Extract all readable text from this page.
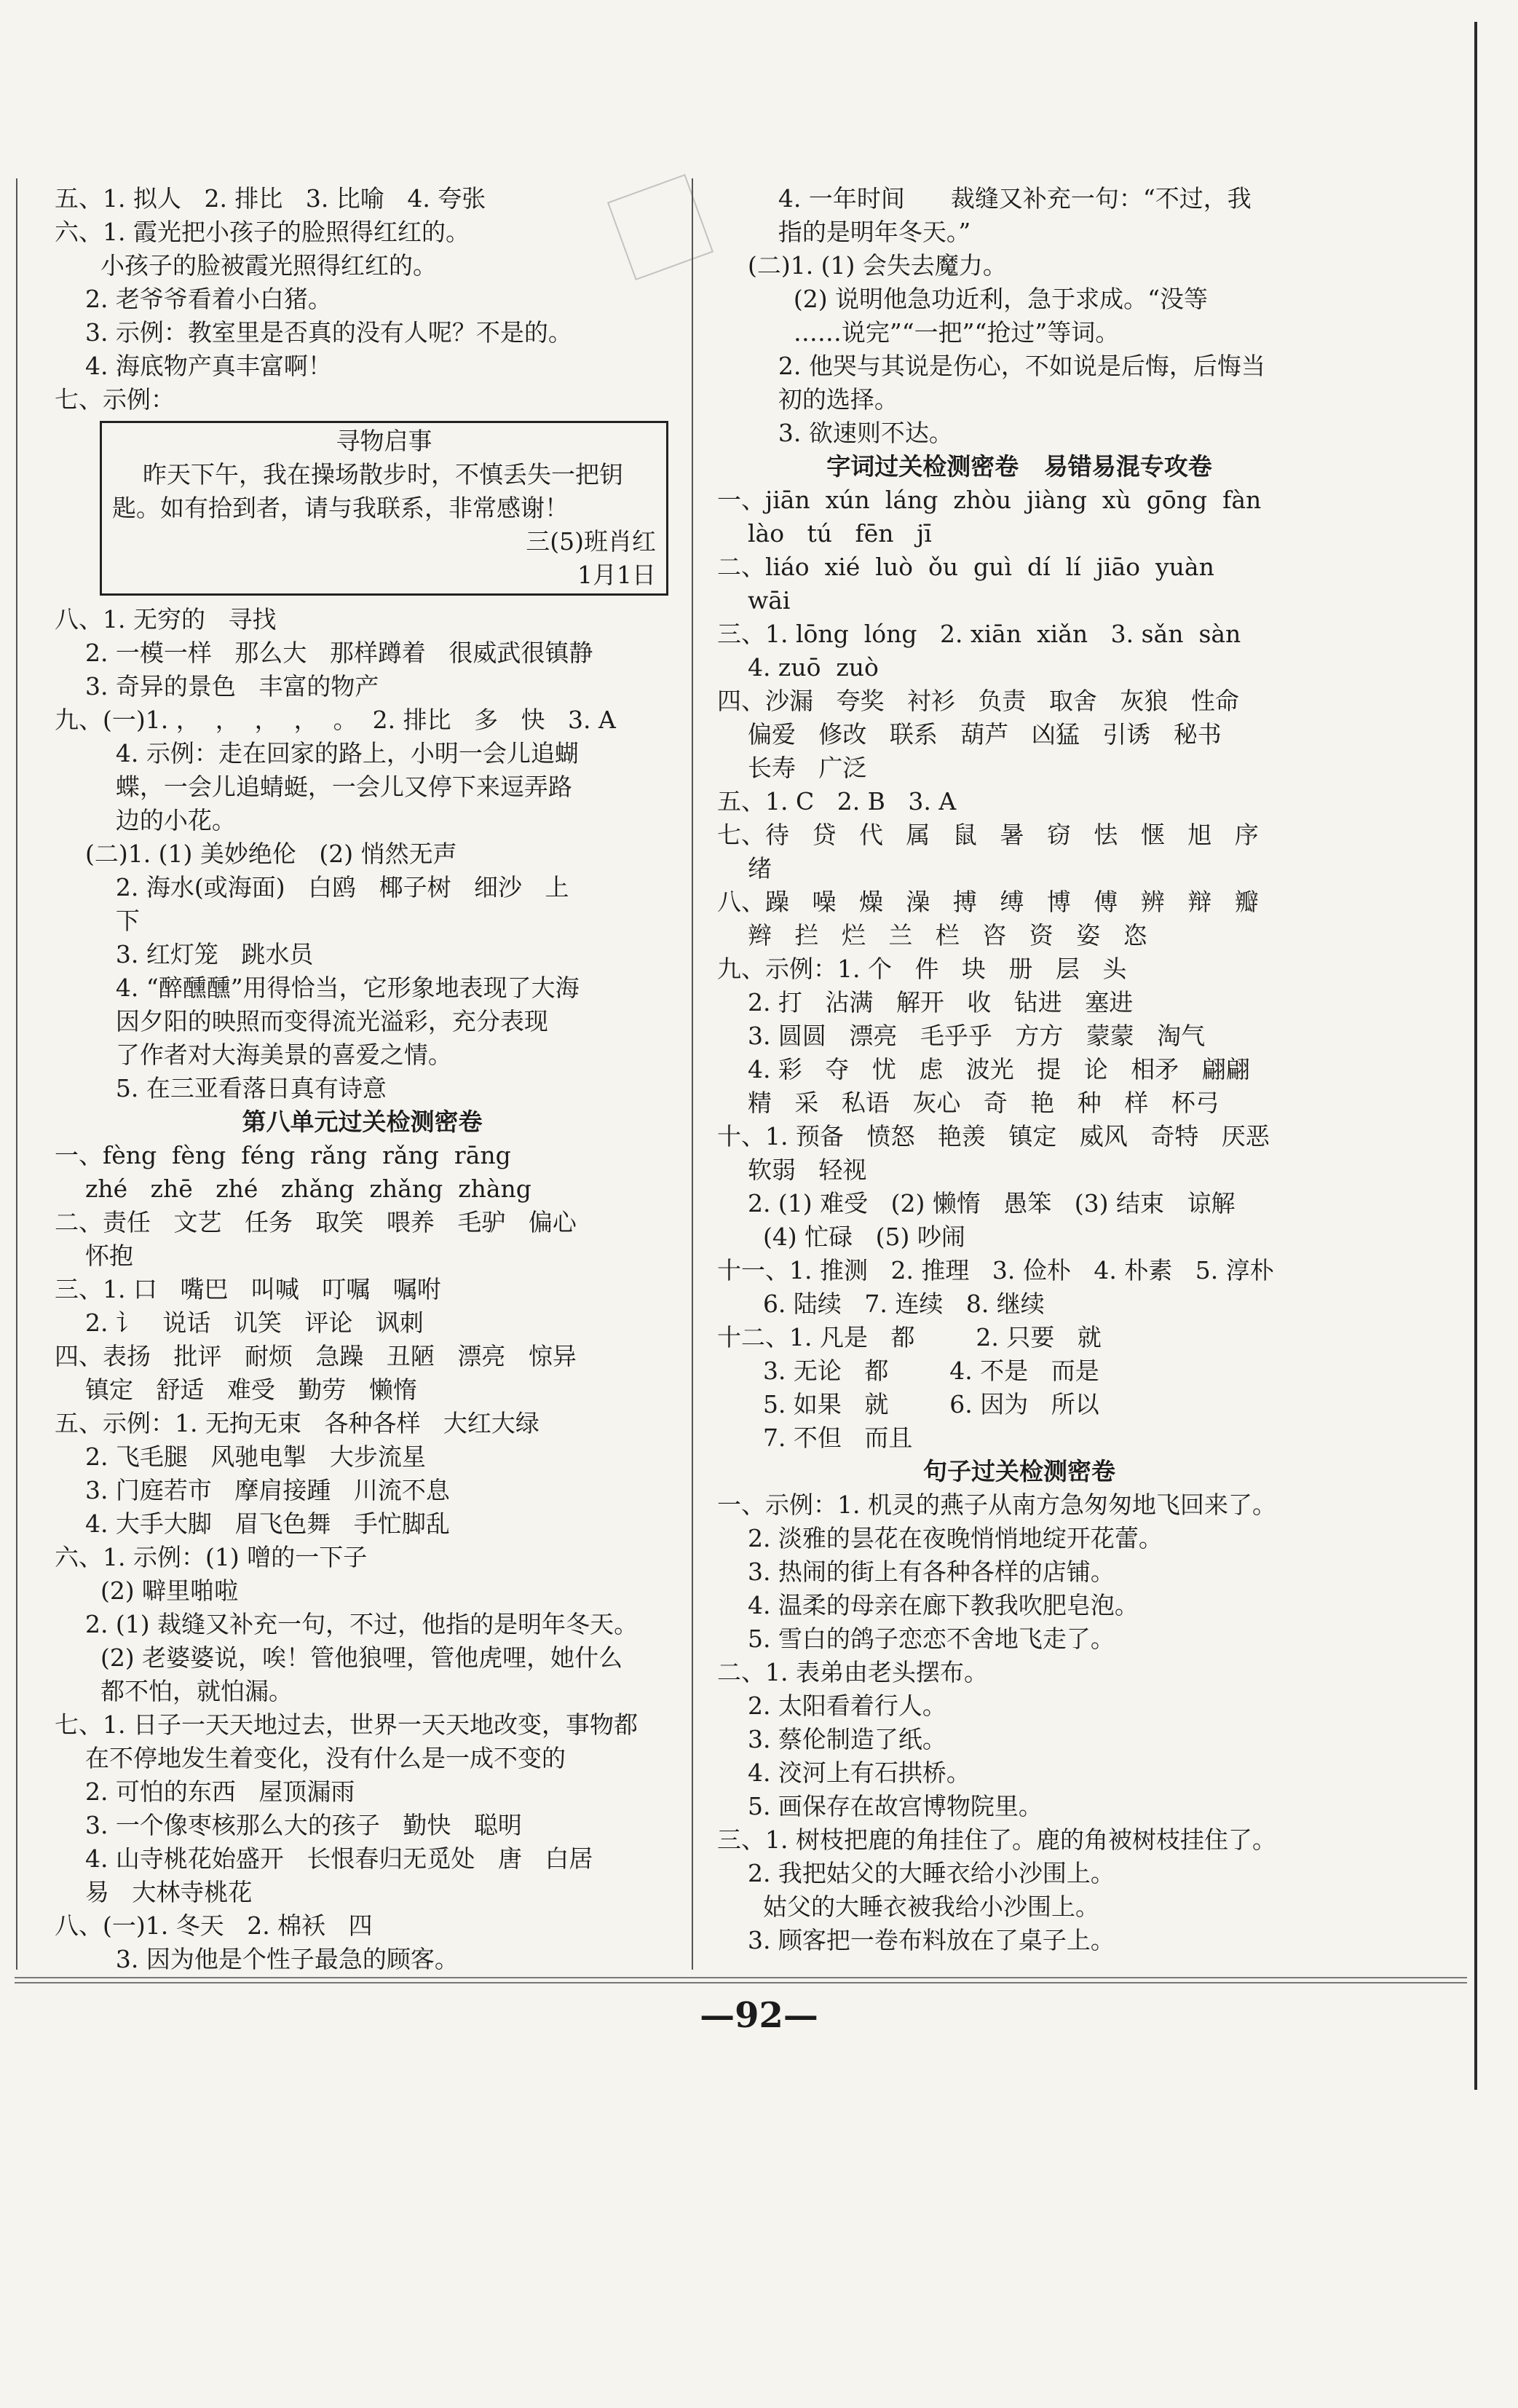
五、1. 拟人   2. 排比   3. 比喻   4. 夸张
六、1. 霞光把小孩子的脸照得红红的。
小孩子的脸被霞光照得红红的。
2. 老爷爷看着小白猪。
3. 示例：教室里是否真的没有人呢？不是的。
4. 海底物产真丰富啊！
七、示例：
寻物启事
昨天下午，我在操场散步时，不慎丢失一把钥
匙。如有拾到者，请与我联系，非常感谢！
三(5)班肖红
1月1日
八、1. 无穷的   寻找
2. 一模一样   那么大   那样蹲着   很威武很镇静
3. 奇异的景色   丰富的物产
九、(一)1. ，  ，  ，  ，  。  2. 排比   多   快   3. A
4. 示例：走在回家的路上，小明一会儿追蝴
蝶，一会儿追蜻蜓，一会儿又停下来逗弄路
边的小花。
(二)1. (1) 美妙绝伦   (2) 悄然无声
2. 海水(或海面)   白鸥   椰子树   细沙   上
下
3. 红灯笼   跳水员
4. “醉醺醺”用得恰当，它形象地表现了大海
因夕阳的映照而变得流光溢彩，充分表现
了作者对大海美景的喜爱之情。
5. 在三亚看落日真有诗意
第八单元过关检测密卷
一、fèng  fèng  féng  rǎng  rǎng  rāng
zhé   zhē   zhé   zhǎng  zhǎng  zhàng
二、责任   文艺   任务   取笑   喂养   毛驴   偏心
怀抱
三、1. 口   嘴巴   叫喊   叮嘱   嘱咐
2. 讠   说话   讥笑   评论   讽刺
四、表扬   批评   耐烦   急躁   丑陋   漂亮   惊异
镇定   舒适   难受   勤劳   懒惰
五、示例：1. 无拘无束   各种各样   大红大绿
2. 飞毛腿   风驰电掣   大步流星
3. 门庭若市   摩肩接踵   川流不息
4. 大手大脚   眉飞色舞   手忙脚乱
六、1. 示例：(1) 噌的一下子
(2) 噼里啪啦
2. (1) 裁缝又补充一句，不过，他指的是明年冬天。
(2) 老婆婆说，唉！管他狼哩，管他虎哩，她什么
都不怕，就怕漏。
七、1. 日子一天天地过去，世界一天天地改变，事物都
在不停地发生着变化，没有什么是一成不变的
2. 可怕的东西   屋顶漏雨
3. 一个像枣核那么大的孩子   勤快   聪明
4. 山寺桃花始盛开   长恨春归无觅处   唐   白居
易   大林寺桃花
八、(一)1. 冬天   2. 棉袄   四
3. 因为他是个性子最急的顾客。
4. 一年时间      裁缝又补充一句：“不过，我
指的是明年冬天。”
(二)1. (1) 会失去魔力。
(2) 说明他急功近利，急于求成。“没等
……说完”“一把”“抢过”等词。
2. 他哭与其说是伤心，不如说是后悔，后悔当
初的选择。
3. 欲速则不达。
字词过关检测密卷   易错易混专攻卷
一、jiān  xún  láng  zhòu  jiàng  xù  gōng  fàn
lào   tú   fēn   jī
二、liáo  xié  luò  ǒu  guì  dí  lí  jiāo  yuàn
wāi
三、1. lōng  lóng   2. xiān  xiǎn   3. sǎn  sàn
4. zuō  zuò
四、沙漏   夸奖   衬衫   负责   取舍   灰狼   性命
偏爱   修改   联系   葫芦   凶猛   引诱   秘书
长寿   广泛
五、1. C   2. B   3. A
七、待   贷   代   属   鼠   暑   窃   怯   惬   旭   序
绪
八、躁   噪   燥   澡   搏   缚   博   傅   辨   辩   瓣
辫   拦   烂   兰   栏   咨   资   姿   恣
九、示例：1. 个   件   块   册   层   头
2. 打   沾满   解开   收   钻进   塞进
3. 圆圆   漂亮   毛乎乎   方方   蒙蒙   淘气
4. 彩   夺   忧   虑   波光   提   论   相矛   翩翩
精   采   私语   灰心   奇   艳   种   样   杯弓
十、1. 预备   愤怒   艳羡   镇定   威风   奇特   厌恶
软弱   轻视
2. (1) 难受   (2) 懒惰   愚笨   (3) 结束   谅解
(4) 忙碌   (5) 吵闹
十一、1. 推测   2. 推理   3. 俭朴   4. 朴素   5. 淳朴
6. 陆续   7. 连续   8. 继续
十二、1. 凡是   都        2. 只要   就
3. 无论   都        4. 不是   而是
5. 如果   就        6. 因为   所以
7. 不但   而且
句子过关检测密卷
一、示例：1. 机灵的燕子从南方急匆匆地飞回来了。
2. 淡雅的昙花在夜晚悄悄地绽开花蕾。
3. 热闹的街上有各种各样的店铺。
4. 温柔的母亲在廊下教我吹肥皂泡。
5. 雪白的鸽子恋恋不舍地飞走了。
二、1. 表弟由老头摆布。
2. 太阳看着行人。
3. 蔡伦制造了纸。
4. 洨河上有石拱桥。
5. 画保存在故宫博物院里。
三、1. 树枝把鹿的角挂住了。鹿的角被树枝挂住了。
2. 我把姑父的大睡衣给小沙围上。
姑父的大睡衣被我给小沙围上。
3. 顾客把一卷布料放在了桌子上。
—92—
